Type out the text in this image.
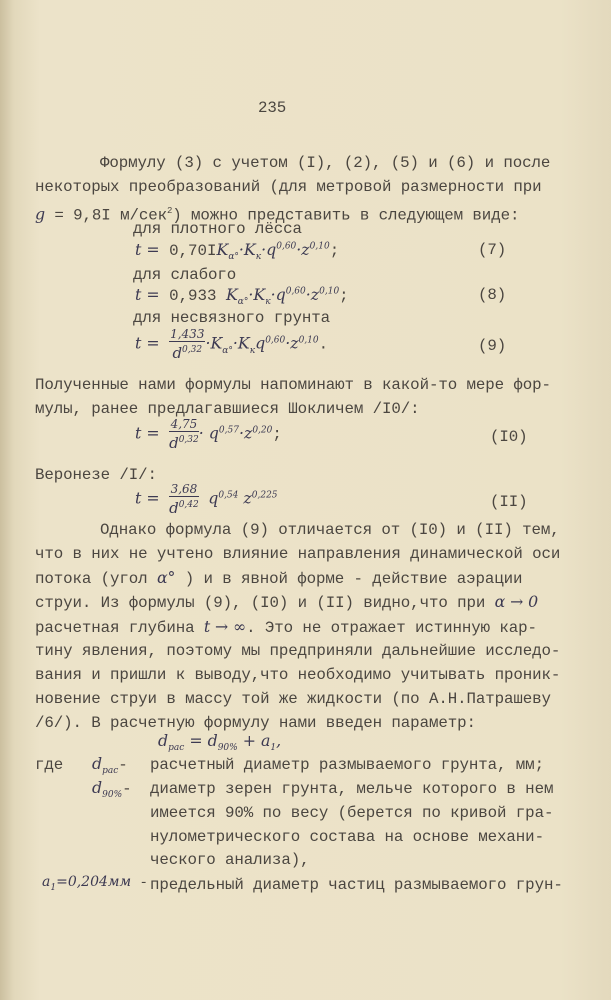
235
Формулу (3) с учетом (I), (2), (5) и (6) и после
некоторых преобразований (для метровой размерности при
g = 9,8I м/сек$^2$) можно представить в следующем виде:
для плотного лёсса
$t = 0,70IK_{\alpha^\circ}\cdot K_к\cdot q^{0,60}\cdot z^{0,10}$;	(7)
для слабого
t = 0,933 $K_{\alpha^\circ}\cdot K_к\cdot q^{0,60}\cdot z^{0,10}$;	(8)
для несвязного грунта
$t = \frac{1,433}{d^{0,32}} \cdot K_{\alpha^\circ}\cdot K_кq^{0,60}\cdot z^{0,10}$.	(9)
Полученные нами формулы напоминают в какой-то мере фор-
мулы, ранее предлагавшиеся Шокличем /I0/:
$t = \frac{4,75}{d^{0,32}} \cdot q^{0,57}\cdot z^{0,20}$;	(I0)
Веронезе /I/:
$t = \frac{3,68}{d^{0,42}} q^{0,54}$ $z^{0,225}$	(II)
Однако формула (9) отличается от (I0) и (II) тем,
что в них не учтено влияние направления динамической оси
потока (угол α° ) и в явной форме - действие аэрации
струи. Из формулы (9), (I0) и (II) видно,что при α → 0
расчетная глубина t → ∞. Это не отражает истинную кар-
тину явления, поэтому мы предприняли дальнейшие исследо-
вания и пришли к выводу,что необходимо учитывать проник-
новение струи в массу той же жидкости (по А.Н.Патрашеву
/6/). В расчетную формулу нами введен параметр:
$d_{рас} = d_{90\%} + a_1$,
где $d_{рас}-$ расчетный диаметр размываемого грунта, мм;
$d_{90\%}-$ диаметр зерен грунта, мельче которого в нем
имеется 90% по весу (берется по кривой гра-
нулометрического состава на основе механи-
ческого анализа),
$a_1=0,204мм$ - предельный диаметр частиц размываемого грун-
